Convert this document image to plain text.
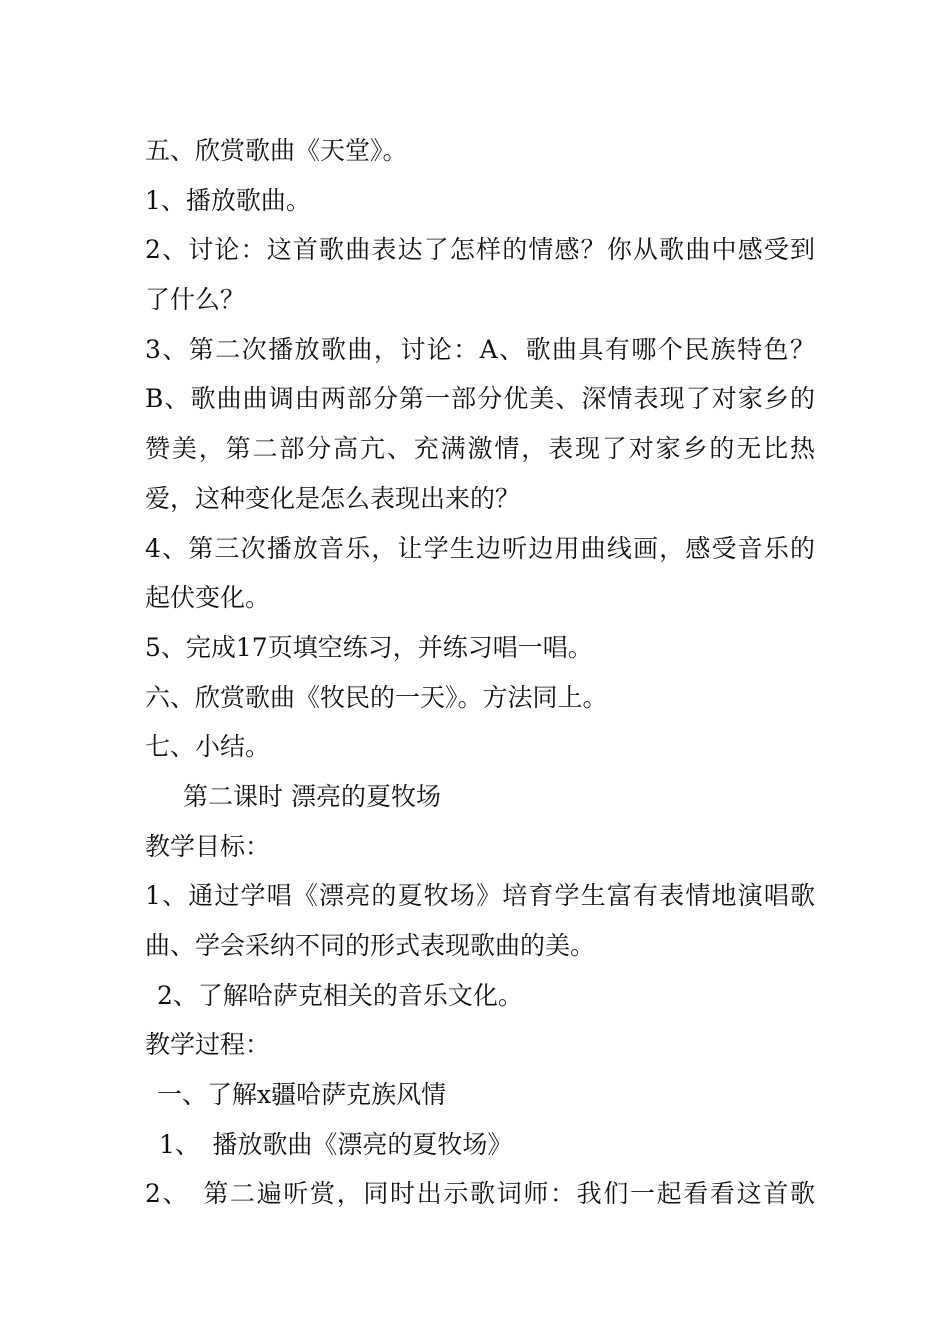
五、欣赏歌曲《天堂》。
1、播放歌曲。
2、讨论：这首歌曲表达了怎样的情感？你从歌曲中感受到
了什么？
3、第二次播放歌曲，讨论：A、歌曲具有哪个民族特色？
B、歌曲曲调由两部分第一部分优美、深情表现了对家乡的
赞美，第二部分高亢、充满激情，表现了对家乡的无比热
爱，这种变化是怎么表现出来的？
4、第三次播放音乐，让学生边听边用曲线画，感受音乐的
起伏变化。
5、完成17页填空练习，并练习唱一唱。
六、欣赏歌曲《牧民的一天》。方法同上。
七、小结。
第二课时 漂亮的夏牧场
教学目标：
1、通过学唱《漂亮的夏牧场》培育学生富有表情地演唱歌
曲、学会采纳不同的形式表现歌曲的美。
2、了解哈萨克相关的音乐文化。
教学过程：
一、了解x疆哈萨克族风情
1、　播放歌曲《漂亮的夏牧场》
2、　第二遍听赏，同时出示歌词师：我们一起看看这首歌
